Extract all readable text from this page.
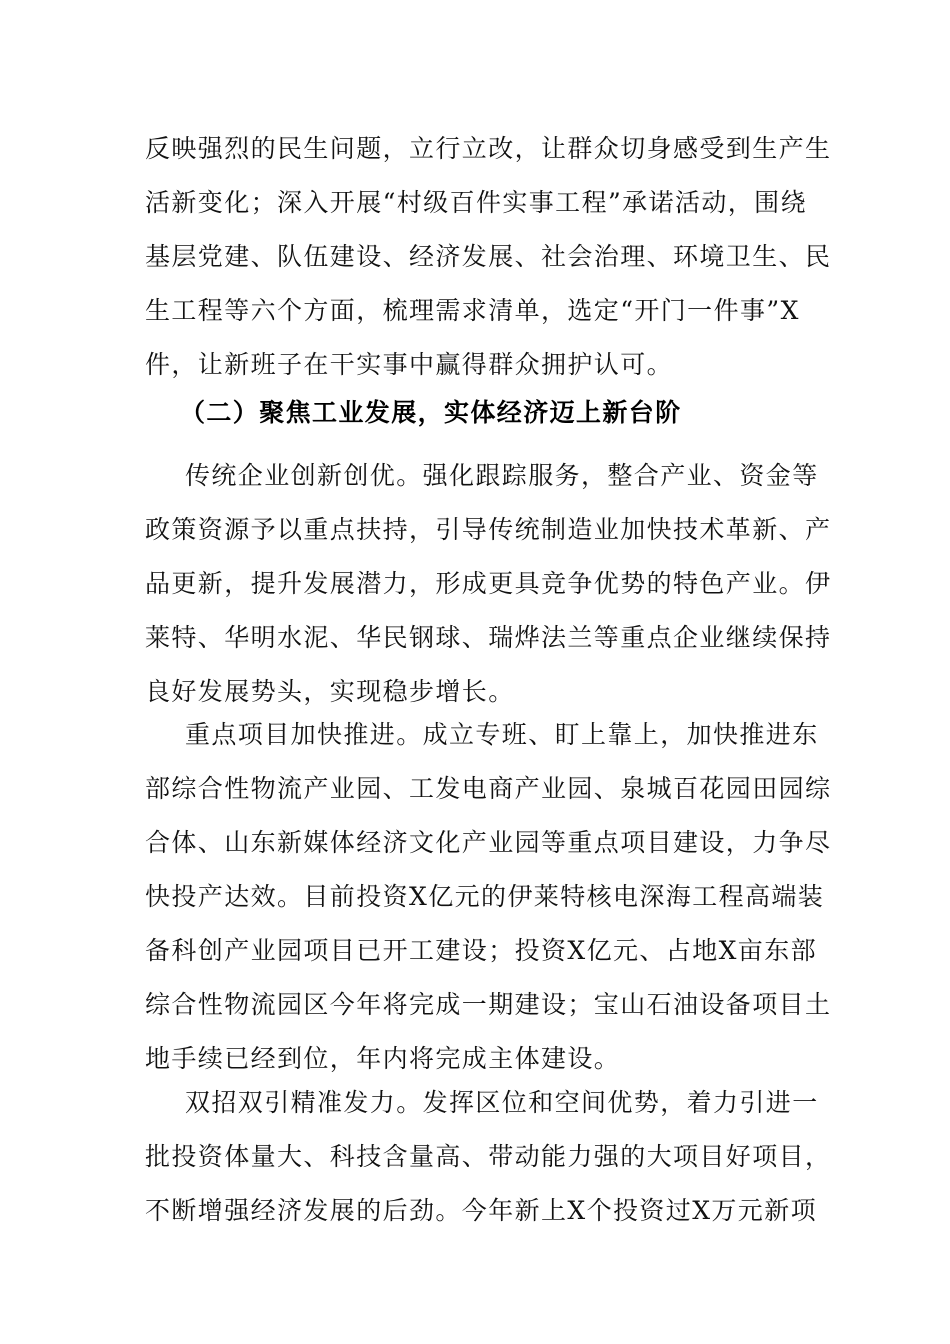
反映强烈的民生问题，立行立改，让群众切身感受到生产生
活新变化；深入开展“村级百件实事工程”承诺活动，围绕
基层党建、队伍建设、经济发展、社会治理、环境卫生、民
生工程等六个方面，梳理需求清单，选定“开门一件事”X
件，让新班子在干实事中赢得群众拥护认可。
（二）聚焦工业发展，实体经济迈上新台阶
传统企业创新创优。强化跟踪服务，整合产业、资金等
政策资源予以重点扶持，引导传统制造业加快技术革新、产
品更新，提升发展潜力，形成更具竞争优势的特色产业。伊
莱特、华明水泥、华民钢球、瑞烨法兰等重点企业继续保持
良好发展势头，实现稳步增长。
重点项目加快推进。成立专班、盯上靠上，加快推进东
部综合性物流产业园、工发电商产业园、泉城百花园田园综
合体、山东新媒体经济文化产业园等重点项目建设，力争尽
快投产达效。目前投资X亿元的伊莱特核电深海工程高端装
备科创产业园项目已开工建设；投资X亿元、占地X亩东部
综合性物流园区今年将完成一期建设；宝山石油设备项目土
地手续已经到位，年内将完成主体建设。
双招双引精准发力。发挥区位和空间优势，着力引进一
批投资体量大、科技含量高、带动能力强的大项目好项目，
不断增强经济发展的后劲。今年新上X个投资过X万元新项
